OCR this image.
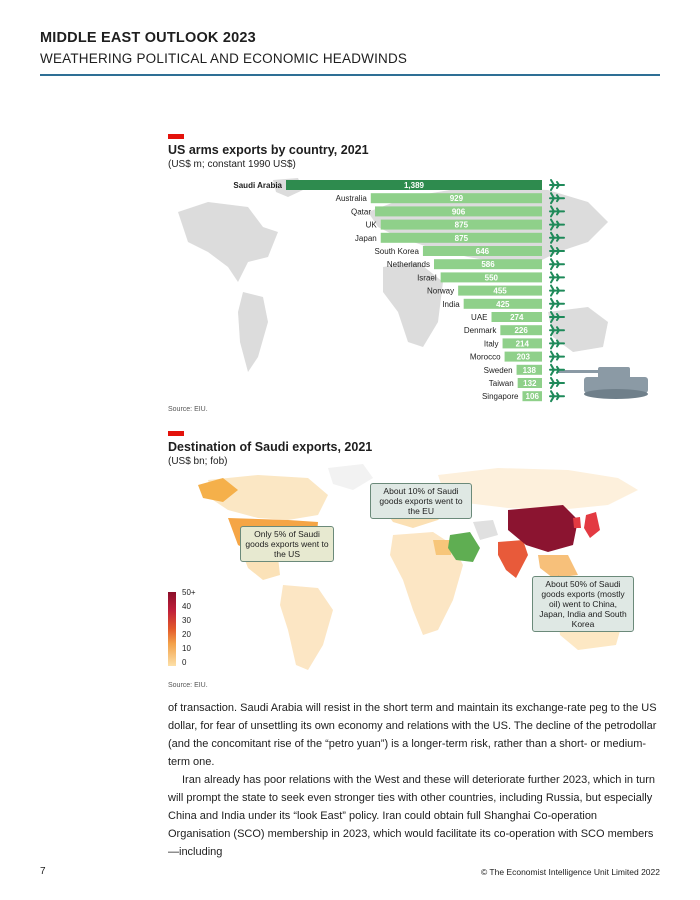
MIDDLE EAST OUTLOOK 2023
WEATHERING POLITICAL AND ECONOMIC HEADWINDS
US arms exports by country, 2021
(US$ m; constant 1990 US$)
Saudi Arabia	1,389
Australia	929
Qatar	906
UK	875
Japan	875
South Korea	646
Netherlands	586
Israel	550
Norway	455
India	425
UAE	274
Denmark 226
Italy 214
Morocco 203
Sweden 138
Taiwan 132
Singapore 106
Source: EIU.
Destination of Saudi exports, 2021
(US$ bn; fob)
About 10% of Saudi goods exports went to the EU
Only 5% of Saudi goods exports went to the US
About 50% of Saudi goods exports (mostly oil) went to China, Japan, India and South Korea
50+
40
30
20
10
0
Source: EIU.

of transaction. Saudi Arabia will resist in the short term and maintain its exchange-rate peg to the US dollar, for fear of unsettling its own economy and relations with the US. The decline of the petrodollar (and the concomitant rise of the “petro yuan”) is a longer-term risk, rather than a short- or medium-term one.

Iran already has poor relations with the West and these will deteriorate further 2023, which in turn will prompt the state to seek even stronger ties with other countries, including Russia, but especially China and India under its “look East” policy. Iran could obtain full Shanghai Co-operation Organisation (SCO) membership in 2023, which would facilitate its co-operation with SCO members—including

7	© The Economist Intelligence Unit Limited 2022
